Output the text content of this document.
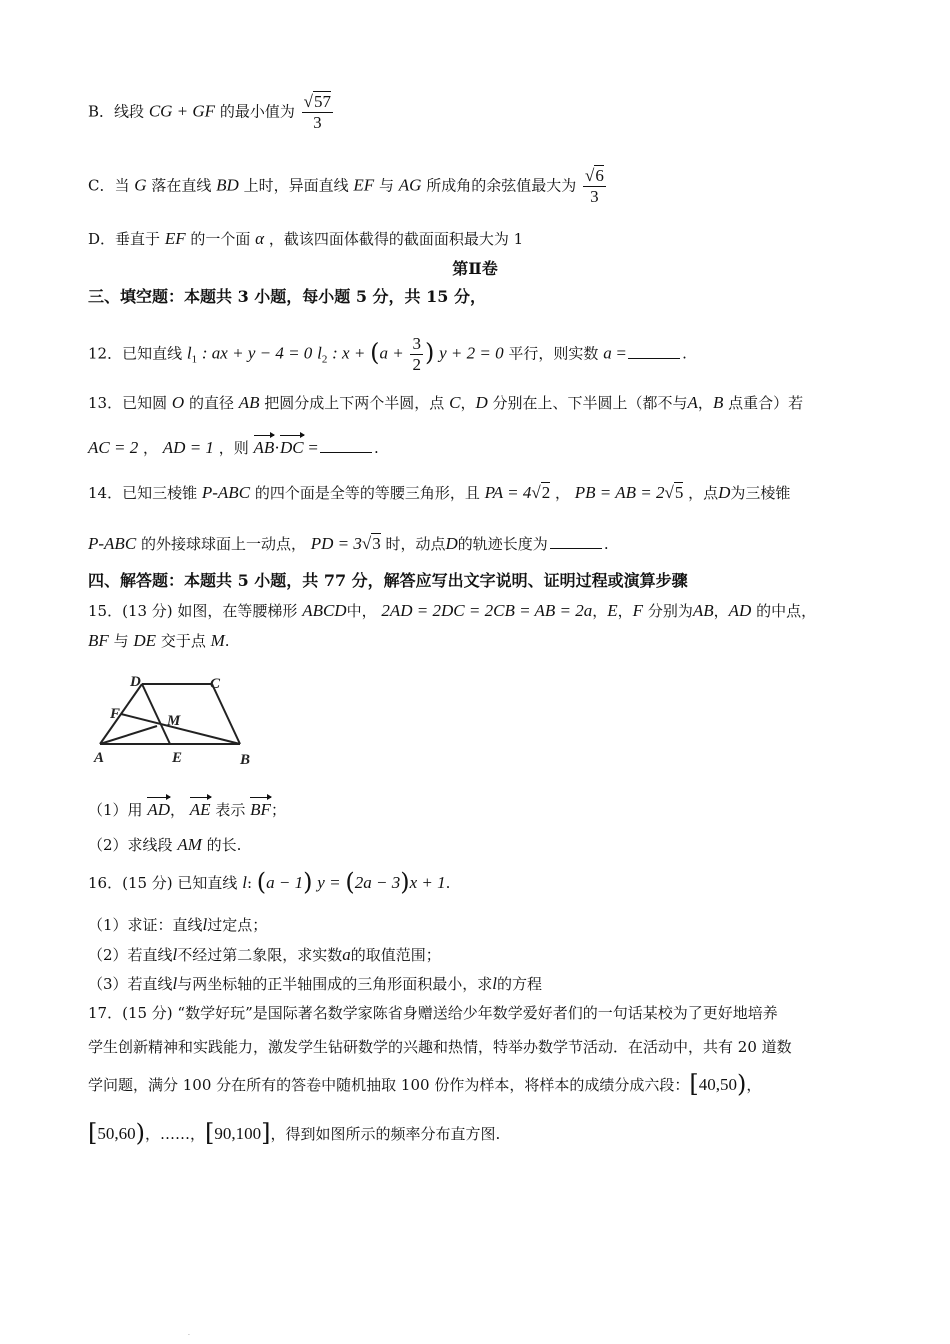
B．线段 CG + GF 的最小值为 $\frac{√57}{3}$
C．当 G 落在直线 BD 上时，异面直线 EF 与 AG 所成角的余弦值最大为 $\frac{√6}{3}$
D．垂直于 EF 的一个面 α ，截该四面体截得的截面面积最大为 1
第Ⅱ卷
三、填空题：本题共 3 小题，每小题 5 分，共 15 分，
12．已知直线 $l_1$ : ax + y − 4 = 0 $l_2$ : $x + (a + \frac{3}{2}$ ) y + 2 = 0 平行，则实数 a =	.
13．已知圆 O 的直径 AB 把圆分成上下两个半圆，点 C，D 分别在上、下半圆上（都不与A，B 点重合）若
AC = 2 ， AD = 1 ，则 AB·DC =	.
14．已知三棱锥 P-ABC 的四个面是全等的等腰三角形，且 PA = 4√2 ， PB = AB = 2√5 ，点D为三棱锥
P-ABC 的外接球球面上一动点， PD = 3√3 时，动点D的轨迹长度为	.
四、解答题：本题共 5 小题，共 77 分，解答应写出文字说明、证明过程或演算步骤
15．(13 分) 如图，在等腰梯形 ABCD中， 2AD = 2DC = 2CB = AB = 2a，E，F 分别为AB，AD 的中点，
BF 与 DE 交于点 M.
D	C
F	M
A	E	B
（1）用 AD， AE 表示 BF；
（2）求线段 AM 的长.
16．(15 分) 已知直线 l: (a − 1) y = (2a − 3)x + 1.
（1）求证：直线l过定点；
（2）若直线l不经过第二象限，求实数a的取值范围；
（3）若直线l与两坐标轴的正半轴围成的三角形面积最小，求l的方程
17．(15 分) “数学好玩”是国际著名数学家陈省身赠送给少年数学爱好者们的一句话某校为了更好地培养
学生创新精神和实践能力，激发学生钻研数学的兴趣和热情，特举办数学节活动．在活动中，共有 20 道数
学问题，满分 100 分在所有的答卷中随机抽取 100 份作为样本，将样本的成绩分成六段：[40,50)，
[50,60)，……，[90,100]，得到如图所示的频率分布直方图.
.
